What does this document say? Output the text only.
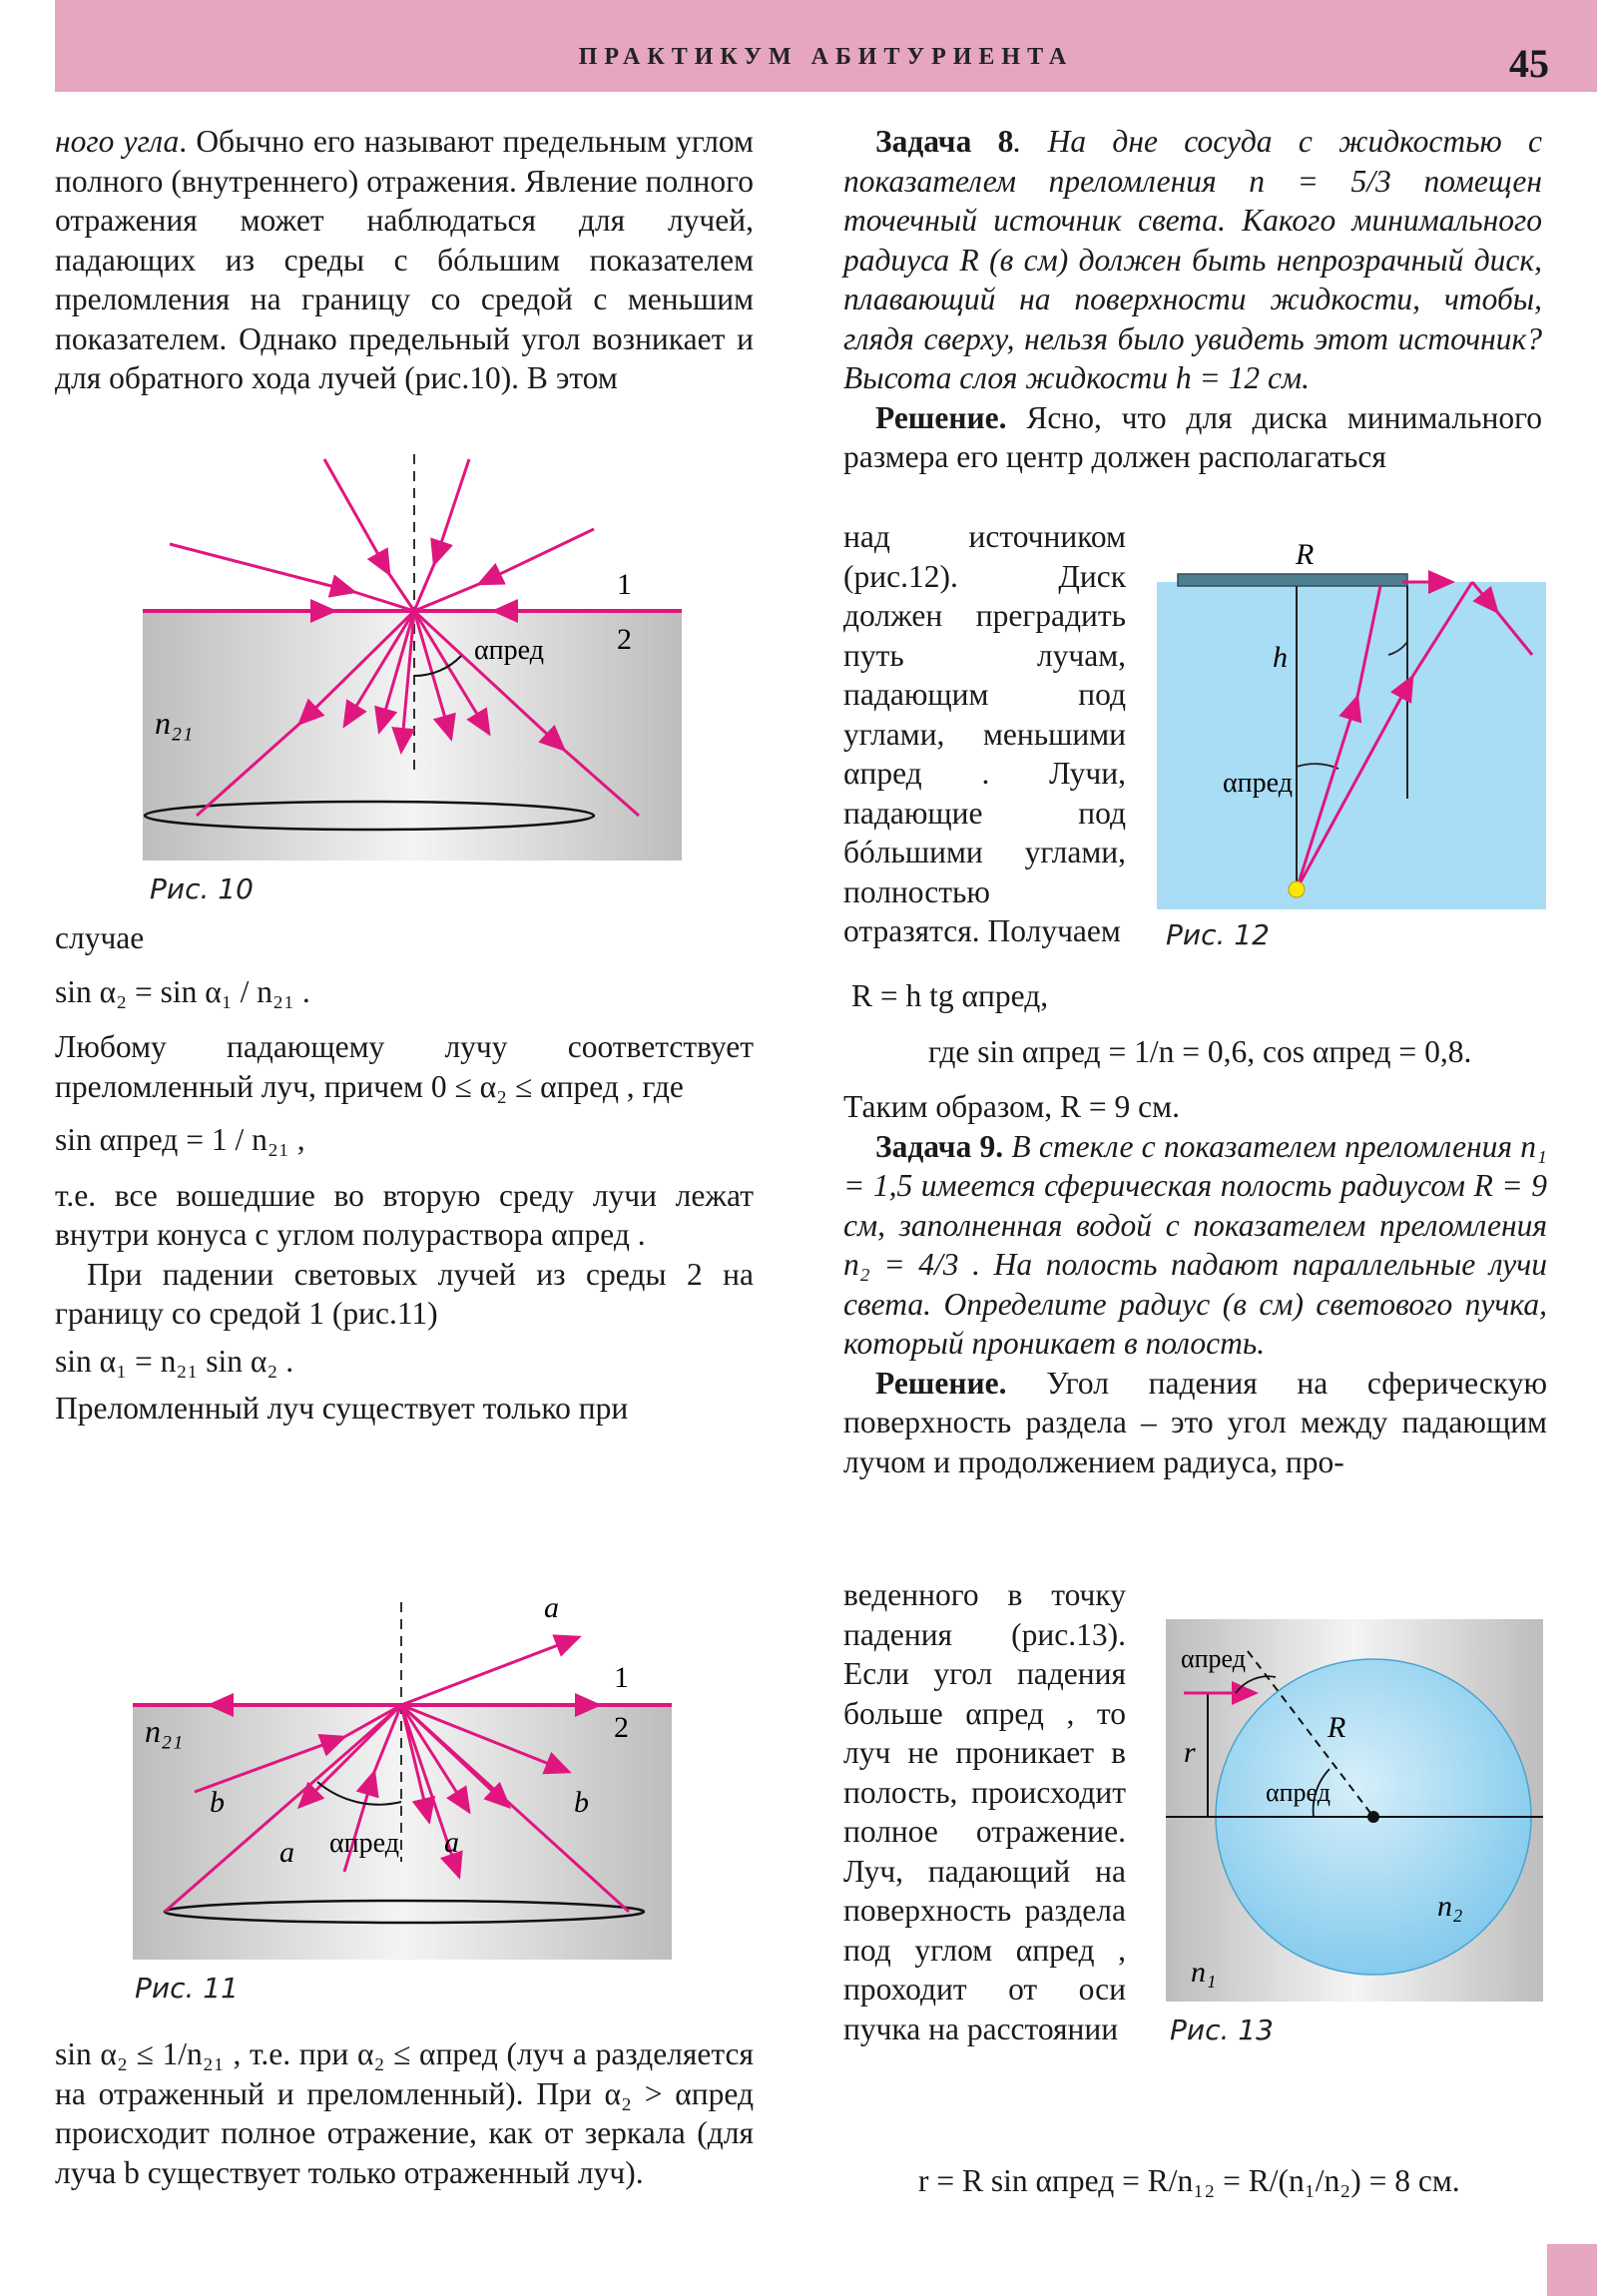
ПРАКТИКУМ АБИТУРИЕНТА	45

ного угла. Обычно его называют предельным углом полного (внутреннего) отражения. Явление полного отражения может наблюдаться для лучей, падающих из среды с бóльшим показателем преломления на границу со средой с меньшим показателем. Однако предельный угол возникает и для обратного хода лучей (рис.10). В этом

1
2
n₂₁
αпред
Рис. 10

случае

sin α₂ = sin α₁ / n₂₁ .

Любому падающему лучу соответствует преломленный луч, причем 0 ≤ α₂ ≤ αпред , где

sin αпред = 1 / n₂₁ ,

т.е. все вошедшие во вторую среду лучи лежат внутри конуса с углом полураствора αпред .

При падении световых лучей из среды 2 на границу со средой 1 (рис.11)

sin α₁ = n₂₁ sin α₂ .

Преломленный луч существует только при

a
1
2
n₂₁
b	b
a	a
αпред
Рис. 11

sin α₂ ≤ 1/n₂₁ , т.е. при α₂ ≤ αпред (луч a разделяется на отраженный и преломленный). При α₂ > αпред происходит полное отражение, как от зеркала (для луча b существует только отраженный луч).

Задача 8. На дне сосуда с жидкостью с показателем преломления n = 5/3 помещен точечный источник света. Какого минимального радиуса R (в см) должен быть непрозрачный диск, плавающий на поверхности жидкости, чтобы, глядя сверху, нельзя было увидеть этот источник? Высота слоя жидкости h = 12 см.

Решение. Ясно, что для диска минимального размера его центр должен располагаться

над источником (рис.12). Диск должен преградить путь лучам, падающим под углами, меньшими αпред . Лучи, падающие под бóльшими углами, полностью отразятся. Получаем

R
h
αпред
Рис. 12

R = h tg αпред,

где sin αпред = 1/n = 0,6, cos αпред = 0,8.

Таким образом, R = 9 см.

Задача 9. В стекле с показателем преломления n₁ = 1,5 имеется сферическая полость радиусом R = 9 см, заполненная водой с показателем преломления n₂ = 4/3 . На полость падают параллельные лучи света. Определите радиус (в см) светового пучка, который проникает в полость.

Решение. Угол падения на сферическую поверхность раздела – это угол между падающим лучом и продолжением радиуса, про-

веденного в точку падения (рис.13). Если угол падения больше αпред , то луч не проникает в полость, происходит полное отражение. Луч, падающий на поверхность раздела под углом αпред , проходит от оси пучка на расстоянии

αпред
R
r
αпред
n₂
n₁
Рис. 13

r = R sin αпред = R/n₁₂ = R/(n₁/n₂) = 8 см.
